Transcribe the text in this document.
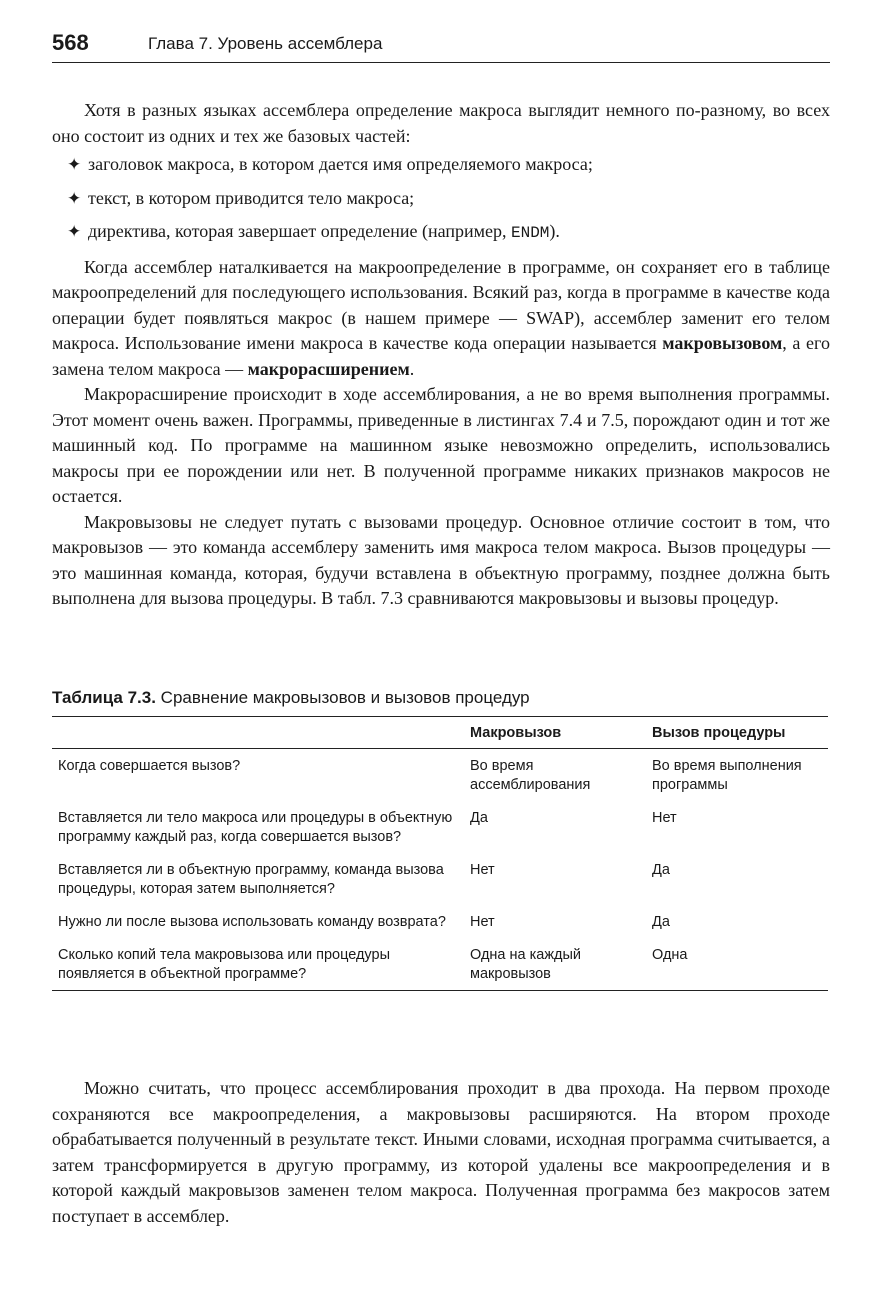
568	Глава 7. Уровень ассемблера

Хотя в разных языках ассемблера определение макроса выглядит немного по-разному, во всех оно состоит из одних и тех же базовых частей:

✦ заголовок макроса, в котором дается имя определяемого макроса;
✦ текст, в котором приводится тело макроса;
✦ директива, которая завершает определение (например, ENDM).

Когда ассемблер наталкивается на макроопределение в программе, он сохраняет его в таблице макроопределений для последующего использования. Всякий раз, когда в программе в качестве кода операции будет появляться макрос (в нашем примере — SWAP), ассемблер заменит его телом макроса. Использование имени макроса в качестве кода операции называется макровызовом, а его замена телом макроса — макрорасширением.

Макрорасширение происходит в ходе ассемблирования, а не во время выполнения программы. Этот момент очень важен. Программы, приведенные в листингах 7.4 и 7.5, порождают один и тот же машинный код. По программе на машинном языке невозможно определить, использовались макросы при ее порождении или нет. В полученной программе никаких признаков макросов не остается.

Макровызовы не следует путать с вызовами процедур. Основное отличие состоит в том, что макровызов — это команда ассемблеру заменить имя макроса телом макроса. Вызов процедуры — это машинная команда, которая, будучи вставлена в объектную программу, позднее должна быть выполнена для вызова процедуры. В табл. 7.3 сравниваются макровызовы и вызовы процедур.

Таблица 7.3. Сравнение макровызовов и вызовов процедур
	Макровызов	Вызов процедуры
Когда совершается вызов?	Во время ассемблирования	Во время выполнения программы
Вставляется ли тело макроса или процедуры в объектную программу каждый раз, когда совершается вызов?	Да	Нет
Вставляется ли в объектную программу, команда вызова процедуры, которая затем выполняется?	Нет	Да
Нужно ли после вызова использовать команду возврата?	Нет	Да
Сколько копий тела макровызова или процедуры появляется в объектной программе?	Одна на каждый макровызов	Одна

Можно считать, что процесс ассемблирования проходит в два прохода. На первом проходе сохраняются все макроопределения, а макровызовы расширяются. На втором проходе обрабатывается полученный в результате текст. Иными словами, исходная программа считывается, а затем трансформируется в другую программу, из которой удалены все макроопределения и в которой каждый макровызов заменен телом макроса. Полученная программа без макросов затем поступает в ассемблер.
